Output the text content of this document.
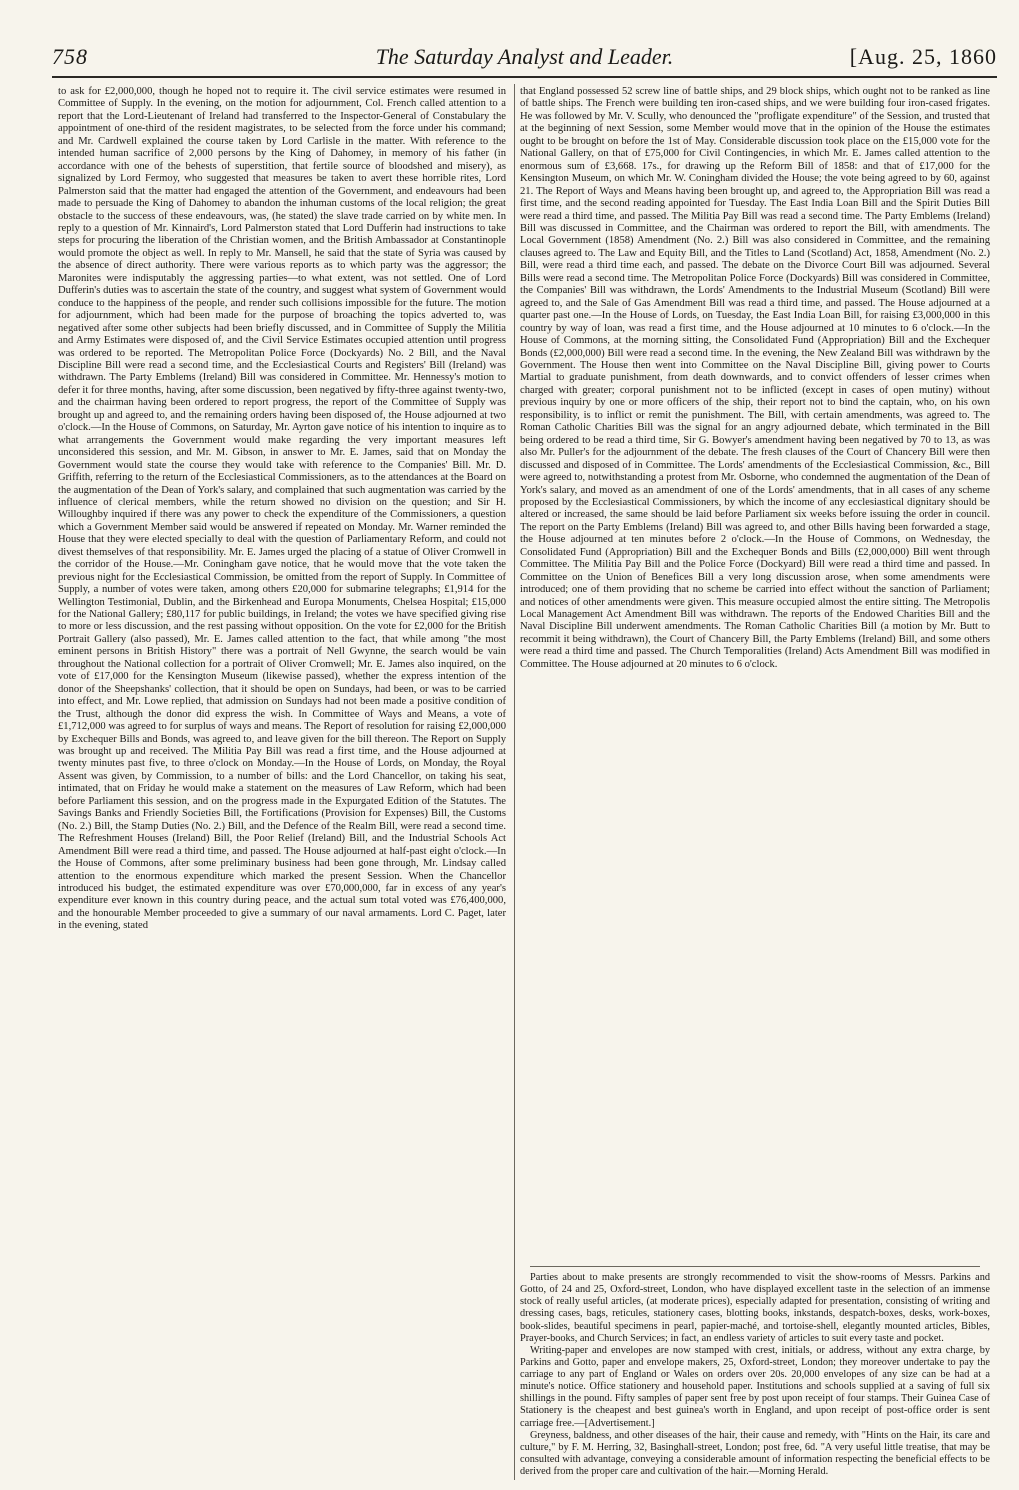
758	The Saturday Analyst and Leader.	[Aug. 25, 1860

to ask for £2,000,000, though he hoped not to require it. The civil service estimates were resumed in Committee of Supply. In the evening, on the motion for adjournment, Col. French called attention to a report that the Lord-Lieutenant of Ireland had transferred to the Inspector-General of Constabulary the appointment of one-third of the resident magistrates, to be selected from the force under his command; and Mr. Cardwell explained the course taken by Lord Carlisle in the matter. With reference to the intended human sacrifice of 2,000 persons by the King of Dahomey, in memory of his father (in accordance with one of the behests of superstition, that fertile source of bloodshed and misery), as signalized by Lord Fermoy, who suggested that measures be taken to avert these horrible rites, Lord Palmerston said that the matter had engaged the attention of the Government, and endeavours had been made to persuade the King of Dahomey to abandon the inhuman customs of the local religion; the great obstacle to the success of these endeavours, was, (he stated) the slave trade carried on by white men. In reply to a question of Mr. Kinnaird's, Lord Palmerston stated that Lord Dufferin had instructions to take steps for procuring the liberation of the Christian women, and the British Ambassador at Constantinople would promote the object as well. In reply to Mr. Mansell, he said that the state of Syria was caused by the absence of direct authority. There were various reports as to which party was the aggressor; the Maronites were indisputably the aggressing parties—to what extent, was not settled. One of Lord Dufferin's duties was to ascertain the state of the country, and suggest what system of Government would conduce to the happiness of the people, and render such collisions impossible for the future. The motion for adjournment, which had been made for the purpose of broaching the topics adverted to, was negatived after some other subjects had been briefly discussed, and in Committee of Supply the Militia and Army Estimates were disposed of, and the Civil Service Estimates occupied attention until progress was ordered to be reported. The Metropolitan Police Force (Dockyards) No. 2 Bill, and the Naval Discipline Bill were read a second time, and the Ecclesiastical Courts and Registers' Bill (Ireland) was withdrawn. The Party Emblems (Ireland) Bill was considered in Committee. Mr. Hennessy's motion to defer it for three months, having, after some discussion, been negatived by fifty-three against twenty-two, and the chairman having been ordered to report progress, the report of the Committee of Supply was brought up and agreed to, and the remaining orders having been disposed of, the House adjourned at two o'clock.—In the House of Commons, on Saturday, Mr. Ayrton gave notice of his intention to inquire as to what arrangements the Government would make regarding the very important measures left unconsidered this session, and Mr. M. Gibson, in answer to Mr. E. James, said that on Monday the Government would state the course they would take with reference to the Companies' Bill. Mr. D. Griffith, referring to the return of the Ecclesiastical Commissioners, as to the attendances at the Board on the augmentation of the Dean of York's salary, and complained that such augmentation was carried by the influence of clerical members, while the return showed no division on the question; and Sir H. Willoughby inquired if there was any power to check the expenditure of the Commissioners, a question which a Government Member said would be answered if repeated on Monday. Mr. Warner reminded the House that they were elected specially to deal with the question of Parliamentary Reform, and could not divest themselves of that responsibility. Mr. E. James urged the placing of a statue of Oliver Cromwell in the corridor of the House.—Mr. Coningham gave notice, that he would move that the vote taken the previous night for the Ecclesiastical Commission, be omitted from the report of Supply. In Committee of Supply, a number of votes were taken, among others £20,000 for submarine telegraphs; £1,914 for the Wellington Testimonial, Dublin, and the Birkenhead and Europa Monuments, Chelsea Hospital; £15,000 for the National Gallery; £80,117 for public buildings, in Ireland; the votes we have specified giving rise to more or less discussion, and the rest passing without opposition. On the vote for £2,000 for the British Portrait Gallery (also passed), Mr. E. James called attention to the fact, that while among "the most eminent persons in British History" there was a portrait of Nell Gwynne, the search would be vain throughout the National collection for a portrait of Oliver Cromwell; Mr. E. James also inquired, on the vote of £17,000 for the Kensington Museum (likewise passed), whether the express intention of the donor of the Sheepshanks' collection, that it should be open on Sundays, had been, or was to be carried into effect, and Mr. Lowe replied, that admission on Sundays had not been made a positive condition of the Trust, although the donor did express the wish. In Committee of Ways and Means, a vote of £1,712,000 was agreed to for surplus of ways and means. The Report of resolution for raising £2,000,000 by Exchequer Bills and Bonds, was agreed to, and leave given for the bill thereon. The Report on Supply was brought up and received. The Militia Pay Bill was read a first time, and the House adjourned at twenty minutes past five, to three o'clock on Monday.—In the House of Lords, on Monday, the Royal Assent was given, by Commission, to a number of bills: and the Lord Chancellor, on taking his seat, intimated, that on Friday he would make a statement on the measures of Law Reform, which had been before Parliament this session, and on the progress made in the Expurgated Edition of the Statutes. The Savings Banks and Friendly Societies Bill, the Fortifications (Provision for Expenses) Bill, the Customs (No. 2.) Bill, the Stamp Duties (No. 2.) Bill, and the Defence of the Realm Bill, were read a second time. The Refreshment Houses (Ireland) Bill, the Poor Relief (Ireland) Bill, and the Industrial Schools Act Amendment Bill were read a third time, and passed. The House adjourned at half-past eight o'clock.—In the House of Commons, after some preliminary business had been gone through, Mr. Lindsay called attention to the enormous expenditure which marked the present Session. When the Chancellor introduced his budget, the estimated expenditure was over £70,000,000, far in excess of any year's expenditure ever known in this country during peace, and the actual sum total voted was £76,400,000, and the honourable Member proceeded to give a summary of our naval armaments. Lord C. Paget, later in the evening, stated

that England possessed 52 screw line of battle ships, and 29 block ships, which ought not to be ranked as line of battle ships. The French were building ten iron-cased ships, and we were building four iron-cased frigates. He was followed by Mr. V. Scully, who denounced the "profligate expenditure" of the Session, and trusted that at the beginning of next Session, some Member would move that in the opinion of the House the estimates ought to be brought on before the 1st of May. Considerable discussion took place on the £15,000 vote for the National Gallery, on that of £75,000 for Civil Contingencies, in which Mr. E. James called attention to the enormous sum of £3,668. 17s., for drawing up the Reform Bill of 1858: and that of £17,000 for the Kensington Museum, on which Mr. W. Coningham divided the House; the vote being agreed to by 60, against 21. The Report of Ways and Means having been brought up, and agreed to, the Appropriation Bill was read a first time, and the second reading appointed for Tuesday. The East India Loan Bill and the Spirit Duties Bill were read a third time, and passed. The Militia Pay Bill was read a second time. The Party Emblems (Ireland) Bill was discussed in Committee, and the Chairman was ordered to report the Bill, with amendments. The Local Government (1858) Amendment (No. 2.) Bill was also considered in Committee, and the remaining clauses agreed to. The Law and Equity Bill, and the Titles to Land (Scotland) Act, 1858, Amendment (No. 2.) Bill, were read a third time each, and passed. The debate on the Divorce Court Bill was adjourned. Several Bills were read a second time. The Metropolitan Police Force (Dockyards) Bill was considered in Committee, the Companies' Bill was withdrawn, the Lords' Amendments to the Industrial Museum (Scotland) Bill were agreed to, and the Sale of Gas Amendment Bill was read a third time, and passed. The House adjourned at a quarter past one.—In the House of Lords, on Tuesday, the East India Loan Bill, for raising £3,000,000 in this country by way of loan, was read a first time, and the House adjourned at 10 minutes to 6 o'clock.—In the House of Commons, at the morning sitting, the Consolidated Fund (Appropriation) Bill and the Exchequer Bonds (£2,000,000) Bill were read a second time. In the evening, the New Zealand Bill was withdrawn by the Government. The House then went into Committee on the Naval Discipline Bill, giving power to Courts Martial to graduate punishment, from death downwards, and to convict offenders of lesser crimes when charged with greater; corporal punishment not to be inflicted (except in cases of open mutiny) without previous inquiry by one or more officers of the ship, their report not to bind the captain, who, on his own responsibility, is to inflict or remit the punishment. The Bill, with certain amendments, was agreed to. The Roman Catholic Charities Bill was the signal for an angry adjourned debate, which terminated in the Bill being ordered to be read a third time, Sir G. Bowyer's amendment having been negatived by 70 to 13, as was also Mr. Puller's for the adjournment of the debate. The fresh clauses of the Court of Chancery Bill were then discussed and disposed of in Committee. The Lords' amendments of the Ecclesiastical Commission, &c., Bill were agreed to, notwithstanding a protest from Mr. Osborne, who condemned the augmentation of the Dean of York's salary, and moved as an amendment of one of the Lords' amendments, that in all cases of any scheme proposed by the Ecclesiastical Commissioners, by which the income of any ecclesiastical dignitary should be altered or increased, the same should be laid before Parliament six weeks before issuing the order in council. The report on the Party Emblems (Ireland) Bill was agreed to, and other Bills having been forwarded a stage, the House adjourned at ten minutes before 2 o'clock.—In the House of Commons, on Wednesday, the Consolidated Fund (Appropriation) Bill and the Exchequer Bonds and Bills (£2,000,000) Bill went through Committee. The Militia Pay Bill and the Police Force (Dockyard) Bill were read a third time and passed. In Committee on the Union of Benefices Bill a very long discussion arose, when some amendments were introduced; one of them providing that no scheme be carried into effect without the sanction of Parliament; and notices of other amendments were given. This measure occupied almost the entire sitting. The Metropolis Local Management Act Amendment Bill was withdrawn. The reports of the Endowed Charities Bill and the Naval Discipline Bill underwent amendments. The Roman Catholic Charities Bill (a motion by Mr. Butt to recommit it being withdrawn), the Court of Chancery Bill, the Party Emblems (Ireland) Bill, and some others were read a third time and passed. The Church Temporalities (Ireland) Acts Amendment Bill was modified in Committee. The House adjourned at 20 minutes to 6 o'clock.

Parties about to make presents are strongly recommended to visit the show-rooms of Messrs. Parkins and Gotto, of 24 and 25, Oxford-street, London, who have displayed excellent taste in the selection of an immense stock of really useful articles, (at moderate prices), especially adapted for presentation, consisting of writing and dressing cases, bags, reticules, stationery cases, blotting books, inkstands, despatch-boxes, desks, work-boxes, book-slides, beautiful specimens in pearl, papier-maché, and tortoise-shell, elegantly mounted articles, Bibles, Prayer-books, and Church Services; in fact, an endless variety of articles to suit every taste and pocket.

Writing-paper and envelopes are now stamped with crest, initials, or address, without any extra charge, by Parkins and Gotto, paper and envelope makers, 25, Oxford-street, London; they moreover undertake to pay the carriage to any part of England or Wales on orders over 20s. 20,000 envelopes of any size can be had at a minute's notice. Office stationery and household paper. Institutions and schools supplied at a saving of full six shillings in the pound. Fifty samples of paper sent free by post upon receipt of four stamps. Their Guinea Case of Stationery is the cheapest and best guinea's worth in England, and upon receipt of post-office order is sent carriage free.—[Advertisement.]

Greyness, baldness, and other diseases of the hair, their cause and remedy, with "Hints on the Hair, its care and culture," by F. M. Herring, 32, Basinghall-street, London; post free, 6d. "A very useful little treatise, that may be consulted with advantage, conveying a considerable amount of information respecting the beneficial effects to be derived from the proper care and cultivation of the hair.—Morning Herald.
